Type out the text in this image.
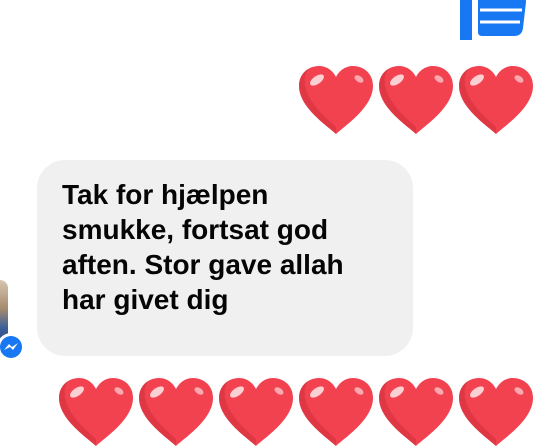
Tak for hjælpen
smukke, fortsat god
aften. Stor gave allah
har givet dig
